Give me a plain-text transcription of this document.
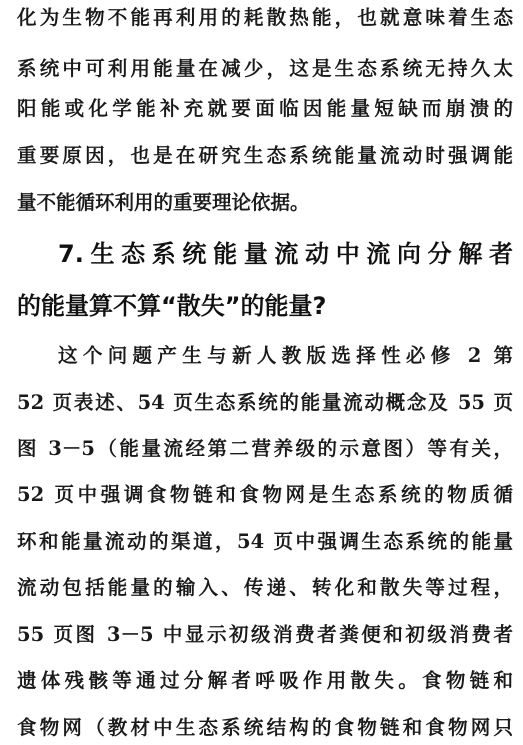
化为生物不能再利用的耗散热能，也就意味着生态
系统中可利用能量在减少，这是生态系统无持久太
阳能或化学能补充就要面临因能量短缺而崩溃的
重要原因，也是在研究生态系统能量流动时强调能
量不能循环利用的重要理论依据。
7.生态系统能量流动中流向分解者
的能量算不算“散失”的能量?
这个问题产生与新人教版选择性必修 2 第
52 页表述、54 页生态系统的能量流动概念及 55 页
图 3－5（能量流经第二营养级的示意图）等有关，
52 页中强调食物链和食物网是生态系统的物质循
环和能量流动的渠道，54 页中强调生态系统的能量
流动包括能量的输入、传递、转化和散失等过程，
55 页图 3－5 中显示初级消费者粪便和初级消费者
遗体残骸等通过分解者呼吸作用散失。食物链和
食物网（教材中生态系统结构的食物链和食物网只
